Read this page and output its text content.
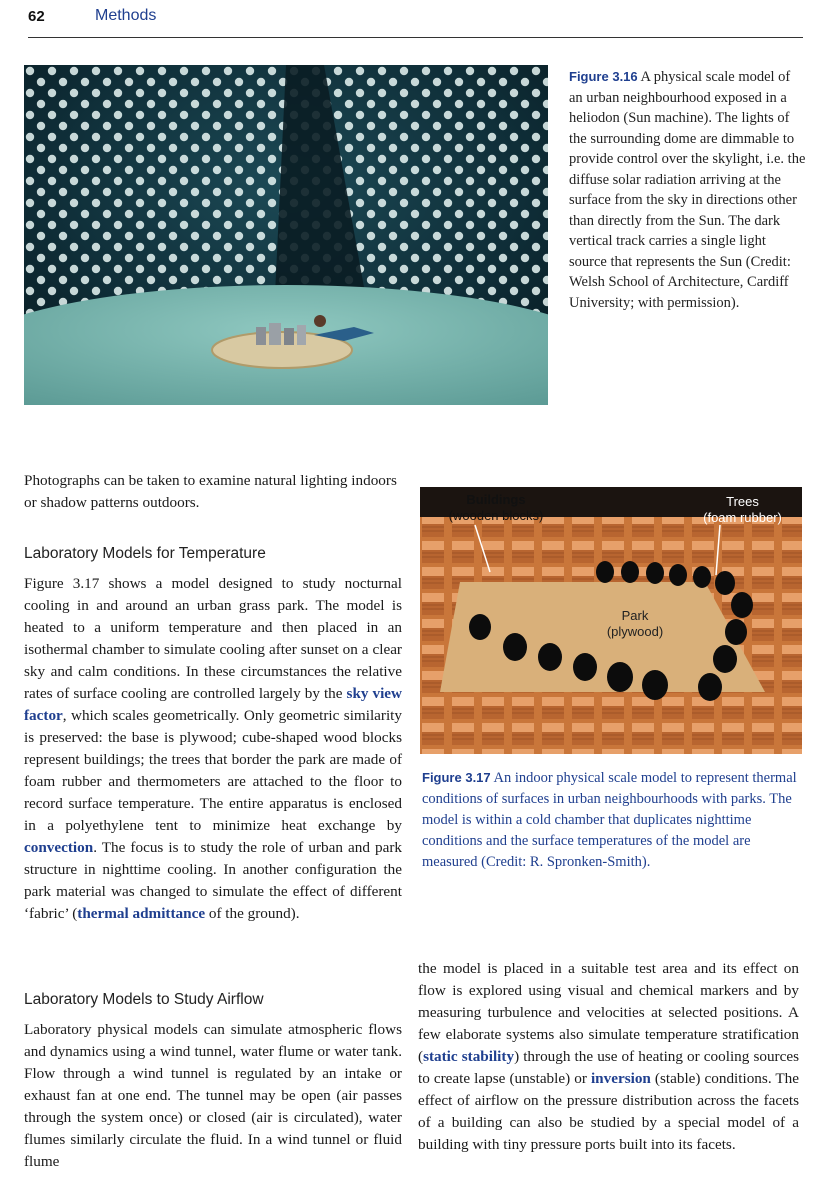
62	Methods
Figure 3.16 A physical scale model of an urban neighbourhood exposed in a heliodon (Sun machine). The lights of the surrounding dome are dimmable to provide control over the skylight, i.e. the diffuse solar radiation arriving at the surface from the sky in directions other than directly from the Sun. The dark vertical track carries a single light source that represents the Sun (Credit: Welsh School of Architecture, Cardiff University; with permission).

Photographs can be taken to examine natural lighting indoors or shadow patterns outdoors.

Laboratory Models for Temperature

Figure 3.17 shows a model designed to study nocturnal cooling in and around an urban grass park. The model is heated to a uniform temperature and then placed in an isothermal chamber to simulate cooling after sunset on a clear sky and calm conditions. In these circumstances the relative rates of surface cooling are controlled largely by the sky view factor, which scales geometrically. Only geometric similarity is preserved: the base is plywood; cube-shaped wood blocks represent buildings; the trees that border the park are made of foam rubber and thermometers are attached to the floor to record surface temperature. The entire apparatus is enclosed in a polyethylene tent to minimize heat exchange by convection. The focus is to study the role of urban and park structure in nighttime cooling. In another configuration the park material was changed to simulate the effect of different ‘fabric’ (thermal admittance of the ground).

Laboratory Models to Study Airflow

Laboratory physical models can simulate atmospheric flows and dynamics using a wind tunnel, water flume or water tank. Flow through a wind tunnel is regulated by an intake or exhaust fan at one end. The tunnel may be open (air passes through the system once) or closed (air is circulated), water flumes similarly circulate the fluid. In a wind tunnel or fluid flume

Buildings
(wooden blocks)
Trees
(foam rubber)
Park
(plywood)
Figure 3.17 An indoor physical scale model to represent thermal conditions of surfaces in urban neighbourhoods with parks. The model is within a cold chamber that duplicates nighttime conditions and the surface temperatures of the model are measured (Credit: R. Spronken-Smith).

the model is placed in a suitable test area and its effect on flow is explored using visual and chemical markers and by measuring turbulence and velocities at selected positions. A few elaborate systems also simulate temperature stratification (static stability) through the use of heating or cooling sources to create lapse (unstable) or inversion (stable) conditions. The effect of airflow on the pressure distribution across the facets of a building can also be studied by a special model of a building with tiny pressure ports built into its facets.
